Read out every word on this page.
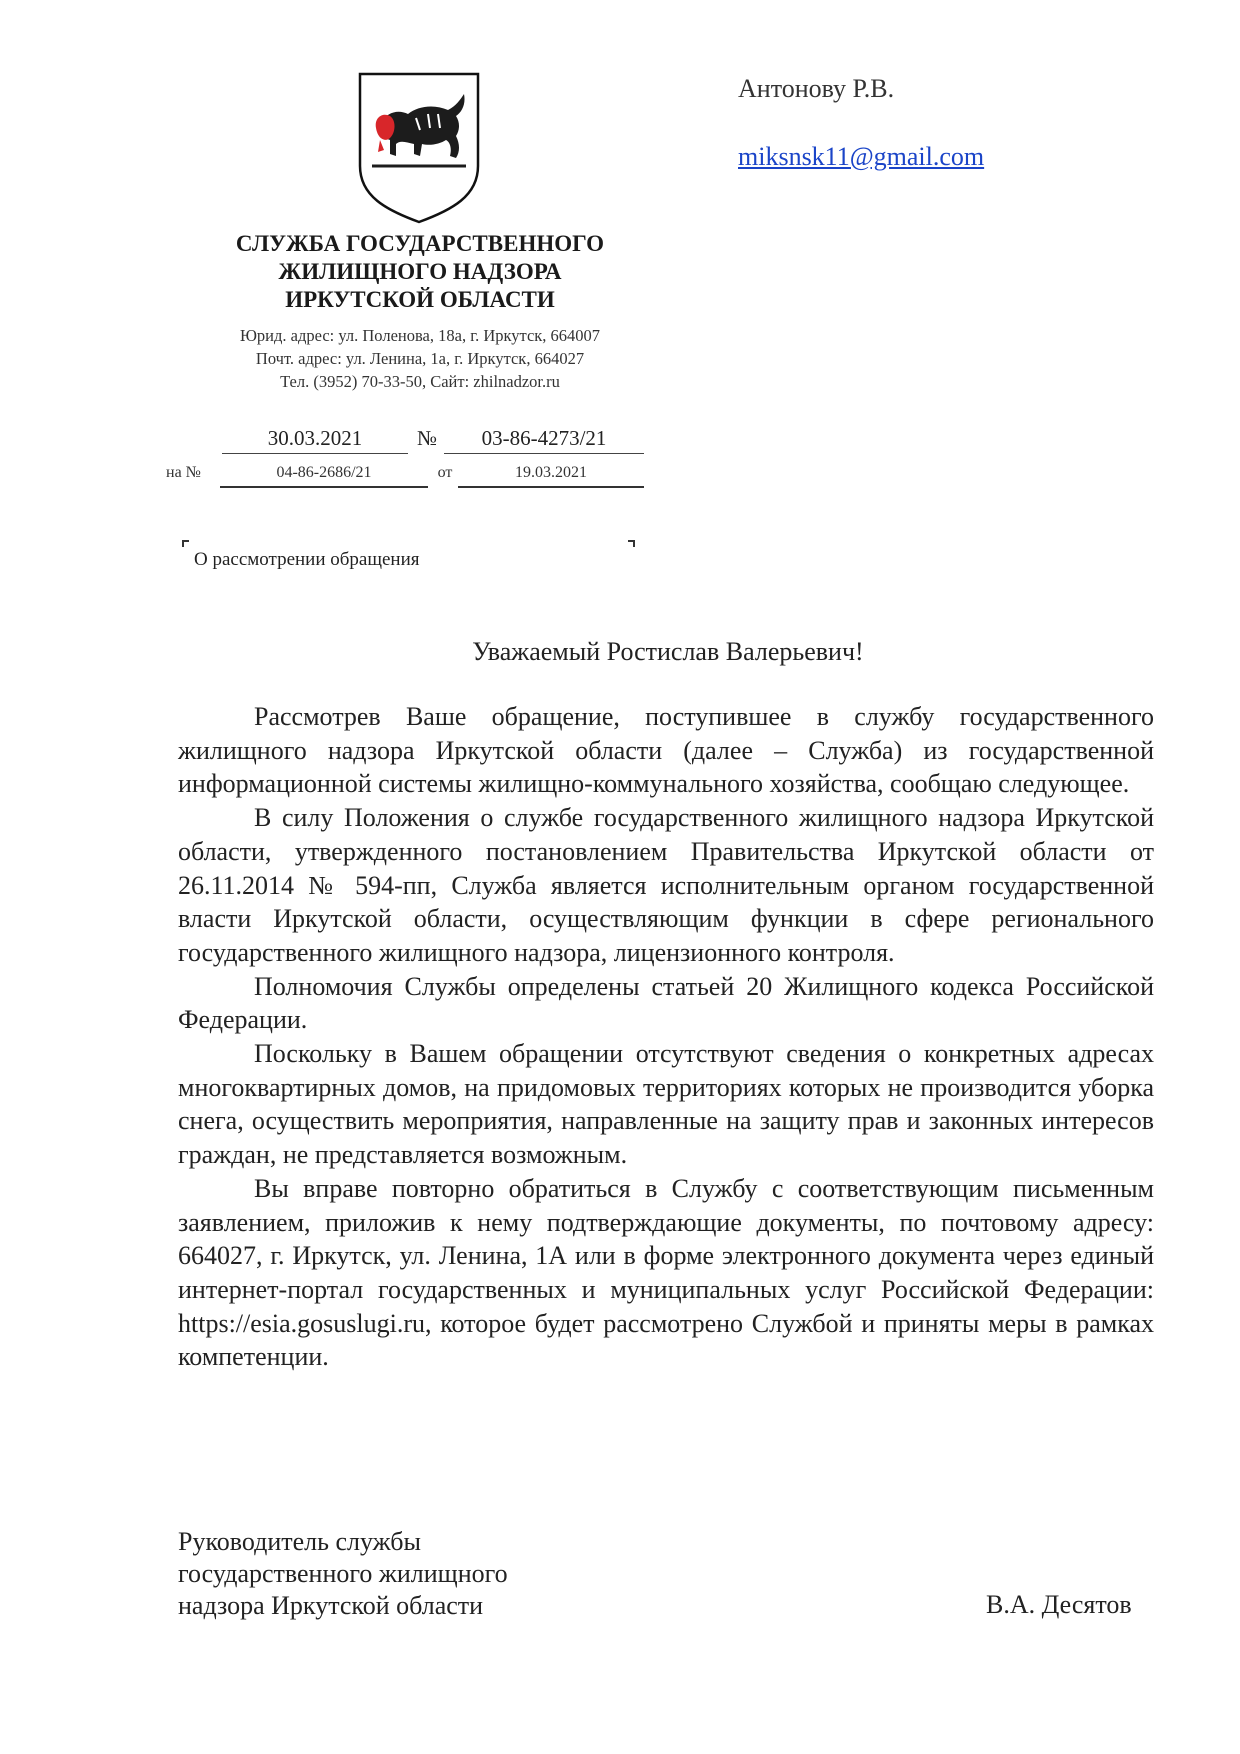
СЛУЖБА ГОСУДАРСТВЕННОГО
ЖИЛИЩНОГО НАДЗОРА
ИРКУТСКОЙ ОБЛАСТИ
Юрид. адрес: ул. Поленова, 18а, г. Иркутск, 664007
Почт. адрес: ул. Ленина, 1а, г. Иркутск, 664027
Тел. (3952) 70-33-50, Сайт: zhilnadzor.ru
30.03.2021	№	03-86-4273/21
на №	04-86-2686/21	от	19.03.2021
О рассмотрении обращения
Антонову Р.В.
miksnsk11@gmail.com
Уважаемый Ростислав Валерьевич!

Рассмотрев Ваше обращение, поступившее в службу государственного жилищного надзора Иркутской области (далее – Служба) из государственной информационной системы жилищно-коммунального хозяйства, сообщаю следующее.

В силу Положения о службе государственного жилищного надзора Иркутской области, утвержденного постановлением Правительства Иркутской области от 26.11.2014 № 594-пп, Служба является исполнительным органом государственной власти Иркутской области, осуществляющим функции в сфере регионального государственного жилищного надзора, лицензионного контроля.

Полномочия Службы определены статьей 20 Жилищного кодекса Российской Федерации.

Поскольку в Вашем обращении отсутствуют сведения о конкретных адресах многоквартирных домов, на придомовых территориях которых не производится уборка снега, осуществить мероприятия, направленные на защиту прав и законных интересов граждан, не представляется возможным.

Вы вправе повторно обратиться в Службу с соответствующим письменным заявлением, приложив к нему подтверждающие документы, по почтовому адресу: 664027, г. Иркутск, ул. Ленина, 1А или в форме электронного документа через единый интернет-портал государственных и муниципальных услуг Российской Федерации: https://esia.gosuslugi.ru, которое будет рассмотрено Службой и приняты меры в рамках компетенции.

Руководитель службы
государственного жилищного
надзора Иркутской области	В.А. Десятов
